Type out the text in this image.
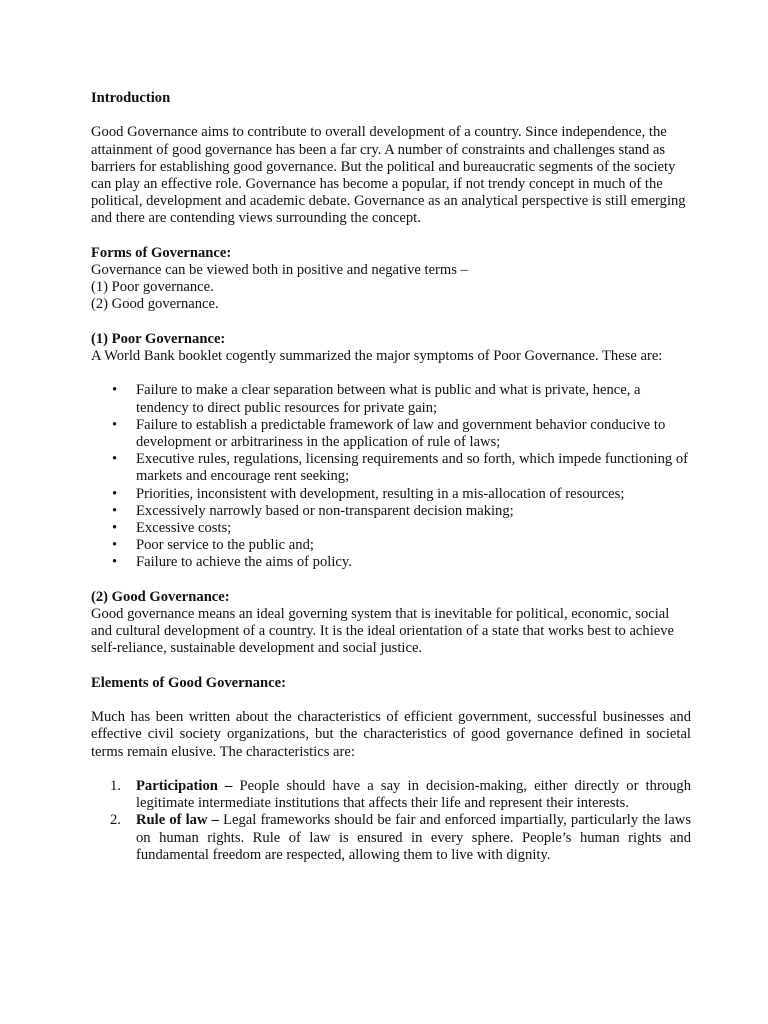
Introduction

Good Governance aims to contribute to overall development of a country. Since independence, the attainment of good governance has been a far cry. A number of constraints and challenges stand as barriers for establishing good governance. But the political and bureaucratic segments of the society can play an effective role. Governance has become a popular, if not trendy concept in much of the political, development and academic debate. Governance as an analytical perspective is still emerging and there are contending views surrounding the concept.

Forms of Governance:

Governance can be viewed both in positive and negative terms –

(1) Poor governance.

(2) Good governance.

(1) Poor Governance:

A World Bank booklet cogently summarized the major symptoms of Poor Governance. These are:

• Failure to make a clear separation between what is public and what is private, hence, a tendency to direct public resources for private gain;
• Failure to establish a predictable framework of law and government behavior conducive to development or arbitrariness in the application of rule of laws;
• Executive rules, regulations, licensing requirements and so forth, which impede functioning of markets and encourage rent seeking;
• Priorities, inconsistent with development, resulting in a mis-allocation of resources;
• Excessively narrowly based or non-transparent decision making;
• Excessive costs;
• Poor service to the public and;
• Failure to achieve the aims of policy.

(2) Good Governance:

Good governance means an ideal governing system that is inevitable for political, economic, social and cultural development of a country. It is the ideal orientation of a state that works best to achieve self-reliance, sustainable development and social justice.

Elements of Good Governance:

Much has been written about the characteristics of efficient government, successful businesses and effective civil society organizations, but the characteristics of good governance defined in societal terms remain elusive. The characteristics are:

1. Participation – People should have a say in decision-making, either directly or through legitimate intermediate institutions that affects their life and represent their interests.
2. Rule of law – Legal frameworks should be fair and enforced impartially, particularly the laws on human rights. Rule of law is ensured in every sphere. People’s human rights and fundamental freedom are respected, allowing them to live with dignity.
